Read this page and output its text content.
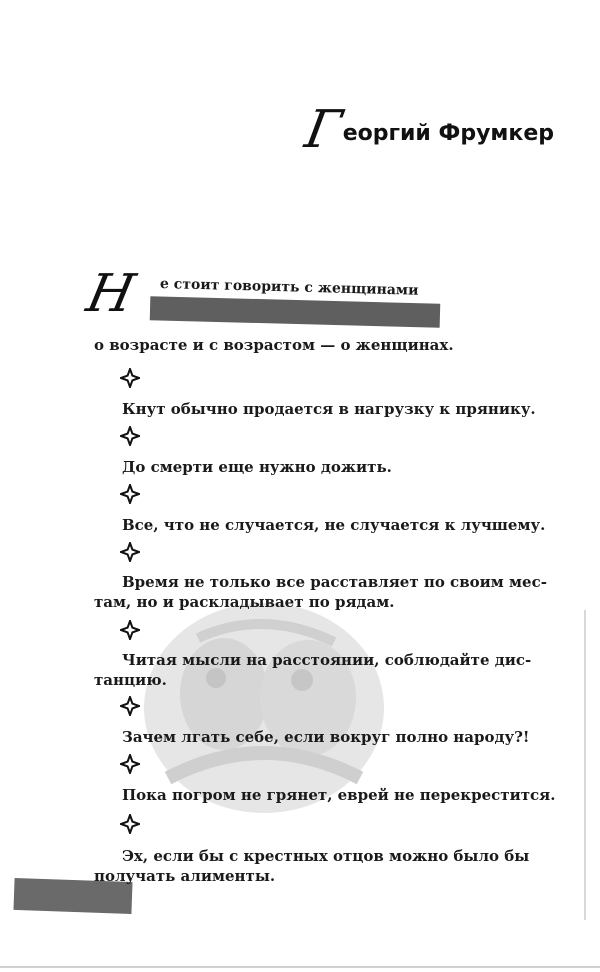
Г
еоргий Фрумкер
Н е стоит говорить с женщинами
о возрасте и с возрастом — о женщинах.
Кнут обычно продается в нагрузку к прянику.
До смерти еще нужно дожить.
Все, что не случается, не случается к лучшему.
Время не только все расставляет по своим мес-
там, но и раскладывает по рядам.
Читая мысли на расстоянии, соблюдайте дис-
танцию.
Зачем лгать себе, если вокруг полно народу?!
Пока погром не грянет, еврей не перекрестится.
Эх, если бы с крестных отцов можно было бы
получать алименты.
